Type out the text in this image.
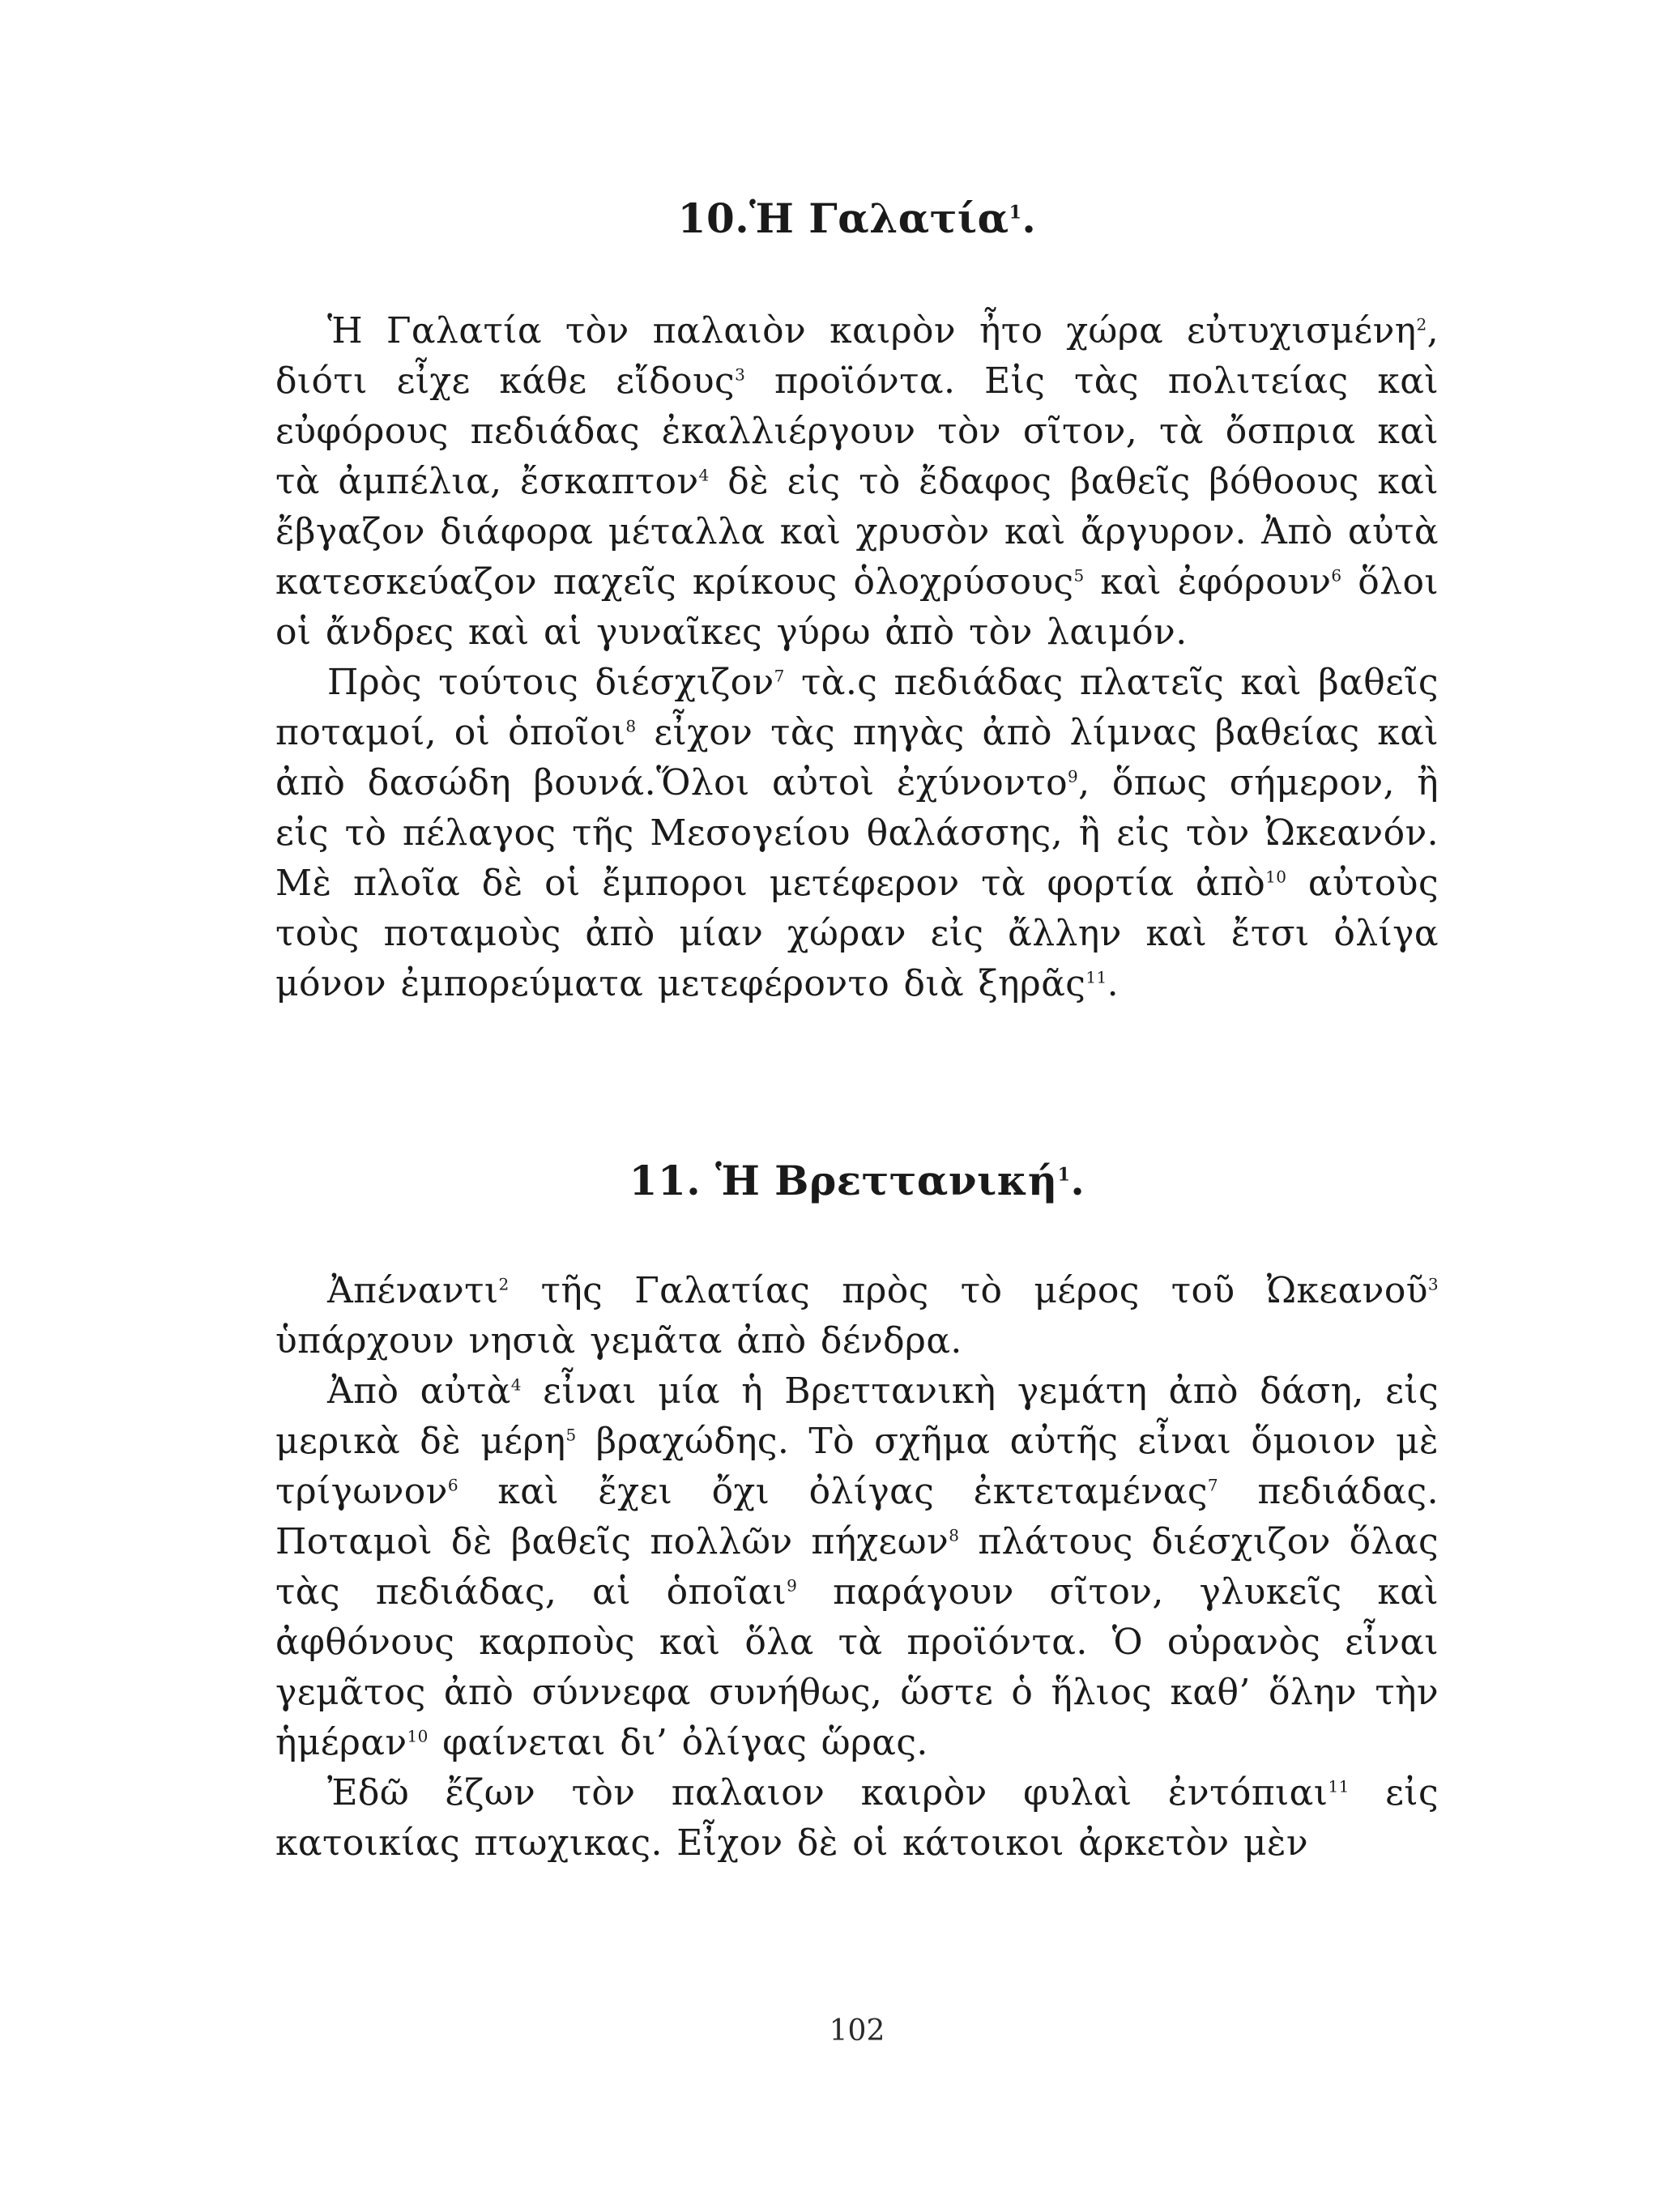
10.Ἡ Γαλατία$^1$.

Ἡ Γαλατία τὸν παλαιὸν καιρὸν ἦτο χώρα εὐτυχισμένη$^2$, διότι εἶχε κάθε εἴδους$^3$ προϊόντα. Εἰς τὰς πολιτείας καὶ εὐφόρους πεδιάδας ἐκαλλιέργουν τὸν σῖτον, τὰ ὄσπρια καὶ τὰ ἀμπέλια, ἔσκαπτον$^4$ δὲ εἰς τὸ ἔδαφος βαθεῖς βόθοους καὶ ἔβγαζον διάφορα μέταλλα καὶ χρυσὸν καὶ ἄργυρον. Ἀπὸ αὐτὰ κατεσκεύαζον παχεῖς κρίκους ὁλοχρύσους$^5$ καὶ ἐφόρουν$^6$ ὅλοι οἱ ἄνδρες καὶ αἱ γυναῖκες γύρω ἀπὸ τὸν λαιμόν.

Πρὸς τούτοις διέσχιζον$^7$ τὰ.ς πεδιάδας πλατεῖς καὶ βαθεῖς ποταμοί, οἱ ὁποῖοι$^8$ εἶχον τὰς πηγὰς ἀπὸ λίμνας βαθείας καὶ ἀπὸ δασώδη βουνά.Ὅλοι αὐτοὶ ἐχύνοντο$^9$, ὅπως σήμερον, ἢ εἰς τὸ πέλαγος τῆς Μεσογείου θαλάσσης, ἢ εἰς τὸν Ὠκεανόν. Μὲ πλοῖα δὲ οἱ ἔμποροι μετέφερον τὰ φορτία ἀπὸ$^{10}$ αὐτοὺς τοὺς ποταμοὺς ἀπὸ μίαν χώραν εἰς ἄλλην καὶ ἔτσι ὀλίγα μόνον ἐμπορεύματα μετεφέροντο διὰ ξηρᾶς$^{11}$.

11. Ἡ Βρεττανική$^1$.

Ἀπέναντι$^2$ τῆς Γαλατίας πρὸς τὸ μέρος τοῦ Ὠκεανοῦ$^3$ ὑπάρχουν νησιὰ γεμᾶτα ἀπὸ δένδρα.

Ἀπὸ αὐτὰ$^4$ εἶναι μία ἡ Βρεττανικὴ γεμάτη ἀπὸ δάση, εἰς μερικὰ δὲ μέρη$^5$ βραχώδης. Τὸ σχῆμα αὐτῆς εἶναι ὅμοιον μὲ τρίγωνον$^6$ καὶ ἔχει ὄχι ὀλίγας ἐκτεταμένας$^7$ πεδιάδας. Ποταμοὶ δὲ βαθεῖς πολλῶν πήχεων$^8$ πλάτους διέσχιζον ὅλας τὰς πεδιάδας, αἱ ὁποῖαι$^9$ παράγουν σῖτον, γλυκεῖς καὶ ἀφθόνους καρποὺς καὶ ὅλα τὰ προϊόντα. Ὁ οὐρανὸς εἶναι γεμᾶτος ἀπὸ σύννεφα συνήθως, ὥστε ὁ ἥλιος καθ’ ὅλην τὴν ἡμέραν$^{10}$ φαίνεται δι’ ὀλίγας ὥρας.

Ἐδῶ ἔζων τὸν παλαιον καιρὸν φυλαὶ ἐντόπιαι$^{11}$ εἰς κατοικίας πτωχικας. Εἶχον δὲ οἱ κάτοικοι ἀρκετὸν μὲν

102
